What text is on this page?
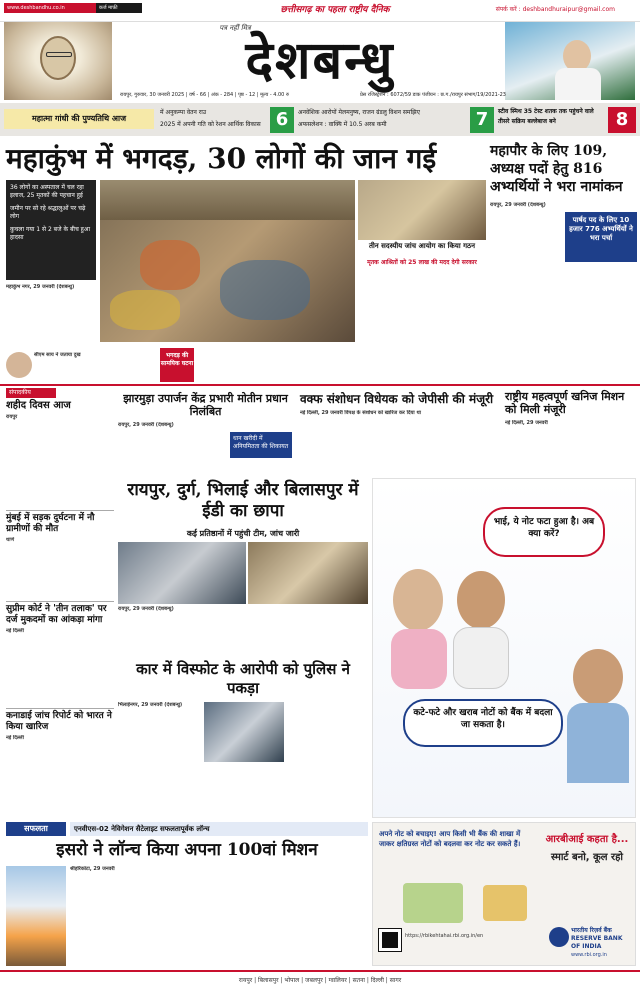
www.deshbandhu.co.in	कर्ज माफ़ी	छत्तीसगढ़ का पहला राष्ट्रीय दैनिक	संपर्क करें : deshbandhuraipur@gmail.com
पत्र नहीं मित्र
देशबन्धु
रायपुर, गुरुवार, 30 जनवरी 2025 | वर्ष - 66 | अंक - 284 | पृष्ठ - 12 | मूल्य - 4.00 रु	प्रेस रजिस्ट्रेशन : 6072/59 डाक पंजीयन : छ.ग./रायपुर संभाग/19/2021-23
महात्मा गांधी की पुण्यतिथि आज
में अनुकम्पा वेतन राउ
2025 में अपनी गति को रेशन आर्थिक विकास 6	अनवेशिक आरोपों मेलमनुष्य, राजन ग्रंडलु विशन समझिए
अफसलेशन : वाक्यि में 10.5 अरब कमी	7	स्टीव स्मिथ 35 टेस्ट शतक तक पहुंचने वाले तीसरे सक्रिय बल्लेबाज बने	8
महाकुंभ में भगदड़, 30 लोगों की जान गई
36 लोगों का अस्पताल में चल रहा इलाज, 25 मृतकों की पहचान हुई
जमीन पर सो रहे श्रद्धालुओं पर चढ़े लोग
कुचला गया 1 से 2 बजे के बीच हुआ हादसा
महाकुंभ नगर, 29 जनवरी (देशबन्धु)
तीन सदस्यीय जांच आयोग का किया गठन
मृतक आश्रितों को 25 लाख की मदद देगी सरकार
सीएम साय ने जताया दुख	भगदड़ की सामयिक घटना
महापौर के लिए 109, अध्यक्ष पदों हेतु 816 अभ्यर्थियों ने भरा नामांकन
रायपुर, 29 जनवरी (देशबन्धु)
पार्षद पद के लिए 10 हजार 776 अभ्यर्थियों ने भरा पर्चा
संपादकीय
शहीद दिवस आज
रायपुर
मुंबई में सड़क दुर्घटना में नौ ग्रामीणों की मौत
थाणे
सुप्रीम कोर्ट ने 'तीन तलाक' पर दर्ज मुकदमों का आंकड़ा मांगा
नई दिल्ली
कनाडाई जांच रिपोर्ट को भारत ने किया खारिज
नई दिल्ली
झारमुड़ा उपार्जन केंद्र प्रभारी मोतीन प्रधान निलंबित
रायपुर, 29 जनवरी (देशबन्धु)
धान खरीदी में अनियमितता की शिकायत
वक्फ संशोधन विधेयक को जेपीसी की मंजूरी
नई दिल्ली, 29 जनवरी विपक्ष के संशोधन को खारिज कर दिया था
राष्ट्रीय महत्वपूर्ण खनिज मिशन को मिली मंजूरी
नई दिल्ली, 29 जनवरी
रायपुर, दुर्ग, भिलाई और बिलासपुर में ईडी का छापा
कई प्रतिष्ठानों में पहुंची टीम, जांच जारी
रायपुर, 29 जनवरी (देशबन्धु)
कार में विस्फोट के आरोपी को पुलिस ने पकड़ा
भिलाईनगर, 29 जनवरी (देशबन्धु)
भाई, ये नोट फटा हुआ है। अब क्या करें?
कटे-फटे और खराब नोटों को बैंक में बदला जा सकता है।
सफलता	एनवीएस-02 नेविगेशन सैटेलाइट सफलतापूर्वक लॉन्च
इसरो ने लॉन्च किया अपना 100वां मिशन
श्रीहरिकोटा, 29 जनवरी
अपने नोट को बचाइए! आप किसी भी बैंक की शाखा में जाकर क्षतिग्रस्त नोटों को बदलवा कर नोट कर सकते हैं।	आरबीआई कहता है...
स्मार्ट बनो, कूल रहो
https://rbikehtahai.rbi.org.in/en
भारतीय रिज़र्व बैंक
RESERVE BANK OF INDIA
www.rbi.org.in
रायपुर | बिलासपुर | भोपाल | जबलपुर | ग्वालियर | सतना | दिल्ली | सागर
